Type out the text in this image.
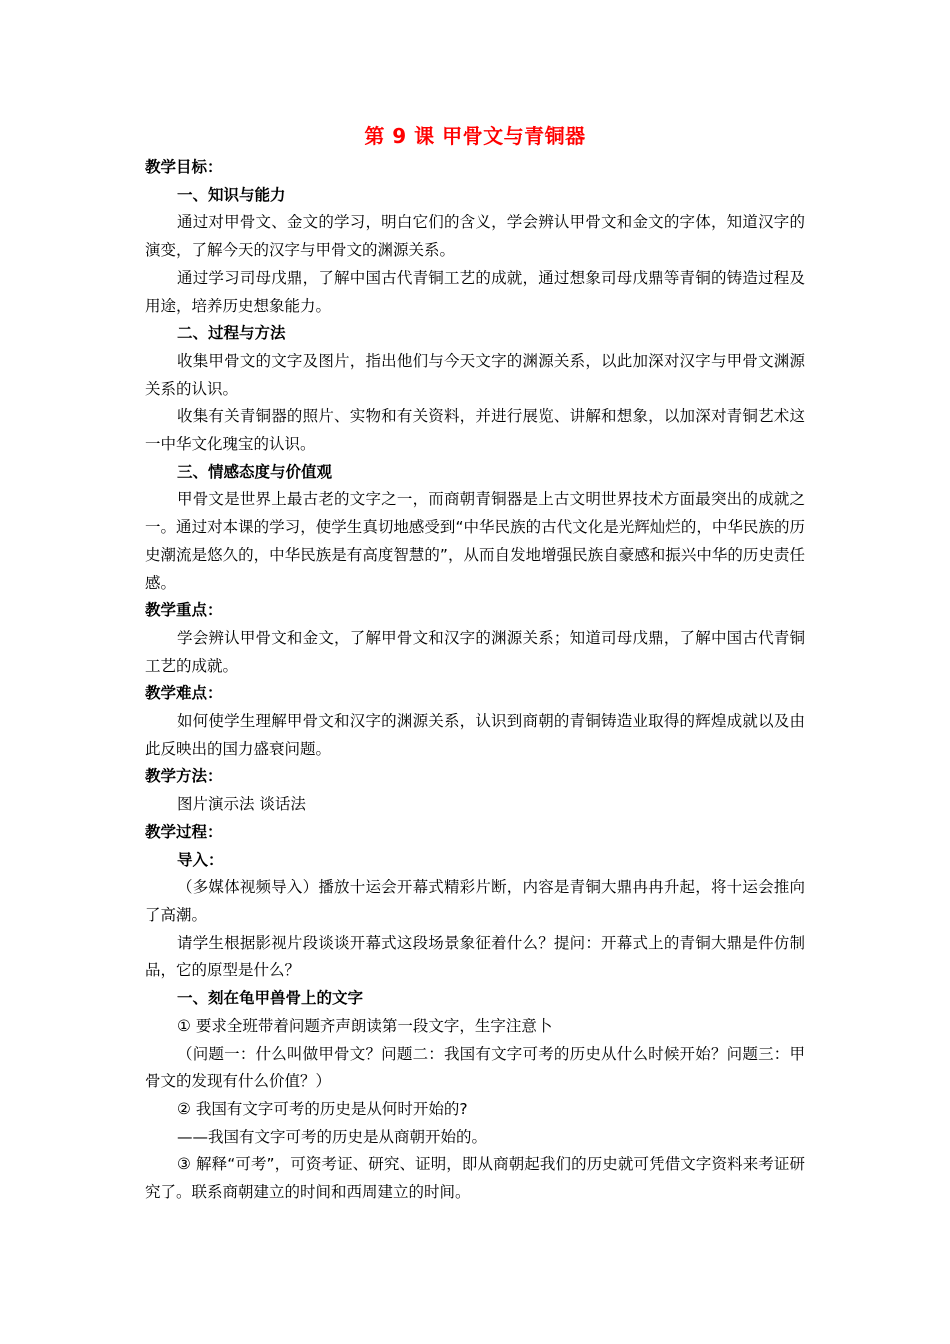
第 9 课 甲骨文与青铜器

教学目标：

一、知识与能力

通过对甲骨文、金文的学习，明白它们的含义，学会辨认甲骨文和金文的字体，知道汉字的演变，了解今天的汉字与甲骨文的渊源关系。

通过学习司母戊鼎，了解中国古代青铜工艺的成就，通过想象司母戊鼎等青铜的铸造过程及用途，培养历史想象能力。

二、过程与方法

收集甲骨文的文字及图片，指出他们与今天文字的渊源关系，以此加深对汉字与甲骨文渊源关系的认识。

收集有关青铜器的照片、实物和有关资料，并进行展览、讲解和想象，以加深对青铜艺术这一中华文化瑰宝的认识。

三、情感态度与价值观

甲骨文是世界上最古老的文字之一，而商朝青铜器是上古文明世界技术方面最突出的成就之一。通过对本课的学习，使学生真切地感受到“中华民族的古代文化是光辉灿烂的，中华民族的历史潮流是悠久的，中华民族是有高度智慧的”，从而自发地增强民族自豪感和振兴中华的历史责任感。

教学重点：

学会辨认甲骨文和金文，了解甲骨文和汉字的渊源关系；知道司母戊鼎，了解中国古代青铜工艺的成就。

教学难点：

如何使学生理解甲骨文和汉字的渊源关系，认识到商朝的青铜铸造业取得的辉煌成就以及由此反映出的国力盛衰问题。

教学方法：

图片演示法 谈话法

教学过程：

导入：

（多媒体视频导入）播放十运会开幕式精彩片断，内容是青铜大鼎冉冉升起，将十运会推向了高潮。

请学生根据影视片段谈谈开幕式这段场景象征着什么？提问：开幕式上的青铜大鼎是件仿制品，它的原型是什么？

一、刻在龟甲兽骨上的文字

① 要求全班带着问题齐声朗读第一段文字，生字注意卜

（问题一：什么叫做甲骨文？问题二：我国有文字可考的历史从什么时候开始？问题三：甲骨文的发现有什么价值？）

② 我国有文字可考的历史是从何时开始的?

——我国有文字可考的历史是从商朝开始的。

③ 解释“可考”，可资考证、研究、证明，即从商朝起我们的历史就可凭借文字资料来考证研究了。联系商朝建立的时间和西周建立的时间。
